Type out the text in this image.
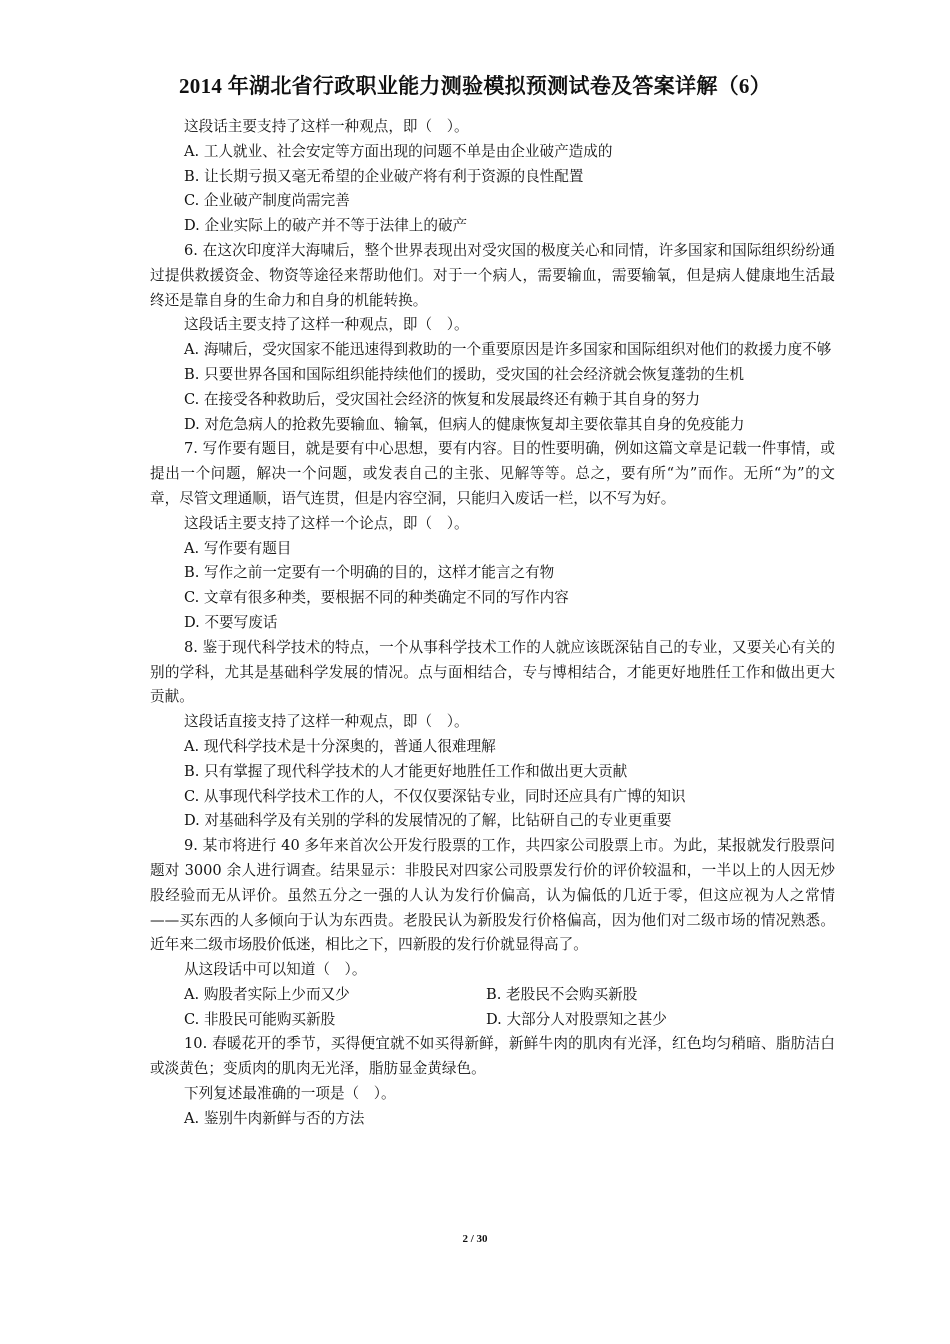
2014 年湖北省行政职业能力测验模拟预测试卷及答案详解（6）

这段话主要支持了这样一种观点，即（　）。

A. 工人就业、社会安定等方面出现的问题不单是由企业破产造成的

B. 让长期亏损又毫无希望的企业破产将有利于资源的良性配置

C. 企业破产制度尚需完善

D. 企业实际上的破产并不等于法律上的破产

6. 在这次印度洋大海啸后，整个世界表现出对受灾国的极度关心和同情，许多国家和国际组织纷纷通过提供救援资金、物资等途径来帮助他们。对于一个病人，需要输血，需要输氧，但是病人健康地生活最终还是靠自身的生命力和自身的机能转换。

这段话主要支持了这样一种观点，即（　）。

A. 海啸后，受灾国家不能迅速得到救助的一个重要原因是许多国家和国际组织对他们的救援力度不够

B. 只要世界各国和国际组织能持续他们的援助，受灾国的社会经济就会恢复蓬勃的生机

C. 在接受各种救助后，受灾国社会经济的恢复和发展最终还有赖于其自身的努力

D. 对危急病人的抢救先要输血、输氧，但病人的健康恢复却主要依靠其自身的免疫能力

7. 写作要有题目，就是要有中心思想，要有内容。目的性要明确，例如这篇文章是记载一件事情，或提出一个问题，解决一个问题，或发表自己的主张、见解等等。总之，要有所“为”而作。无所“为”的文章，尽管文理通顺，语气连贯，但是内容空洞，只能归入废话一栏，以不写为好。

这段话主要支持了这样一个论点，即（　）。

A. 写作要有题目

B. 写作之前一定要有一个明确的目的，这样才能言之有物

C. 文章有很多种类，要根据不同的种类确定不同的写作内容

D. 不要写废话

8. 鉴于现代科学技术的特点，一个从事科学技术工作的人就应该既深钻自己的专业，又要关心有关的别的学科，尤其是基础科学发展的情况。点与面相结合，专与博相结合，才能更好地胜任工作和做出更大贡献。

这段话直接支持了这样一种观点，即（　）。

A. 现代科学技术是十分深奥的，普通人很难理解

B. 只有掌握了现代科学技术的人才能更好地胜任工作和做出更大贡献

C. 从事现代科学技术工作的人，不仅仅要深钻专业，同时还应具有广博的知识

D. 对基础科学及有关别的学科的发展情况的了解，比钻研自己的专业更重要

9. 某市将进行 40 多年来首次公开发行股票的工作，共四家公司股票上市。为此，某报就发行股票问题对 3000 余人进行调查。结果显示：非股民对四家公司股票发行价的评价较温和，一半以上的人因无炒股经验而无从评价。虽然五分之一强的人认为发行价偏高，认为偏低的几近于零，但这应视为人之常情——买东西的人多倾向于认为东西贵。老股民认为新股发行价格偏高，因为他们对二级市场的情况熟悉。近年来二级市场股价低迷，相比之下，四新股的发行价就显得高了。

从这段话中可以知道（　）。

A. 购股者实际上少而又少	B. 老股民不会购买新股
C. 非股民可能购买新股	D. 大部分人对股票知之甚少

10. 春暖花开的季节，买得便宜就不如买得新鲜，新鲜牛肉的肌肉有光泽，红色均匀稍暗、脂肪洁白或淡黄色；变质肉的肌肉无光泽，脂肪显金黄绿色。

下列复述最准确的一项是（　）。

A. 鉴别牛肉新鲜与否的方法

2 / 30
